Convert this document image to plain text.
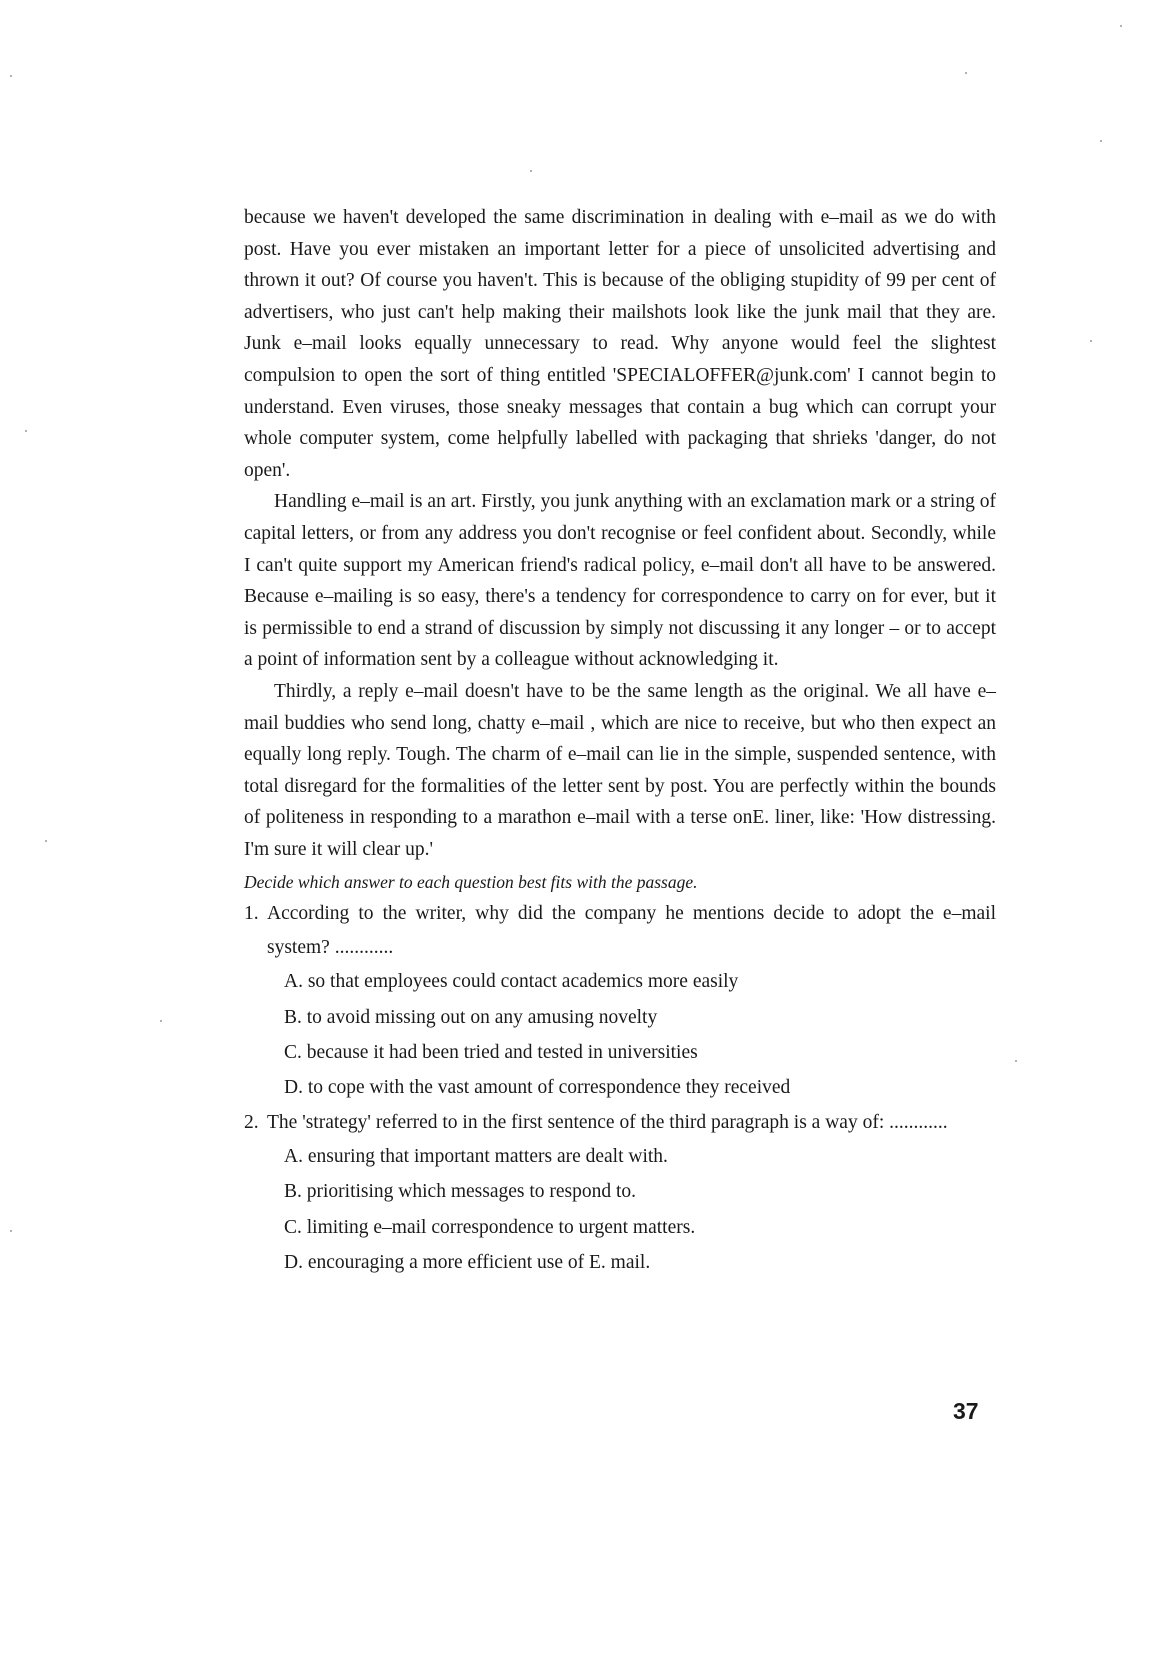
because we haven't developed the same discrimination in dealing with e–mail as we do with post. Have you ever mistaken an important letter for a piece of unsolicited advertising and thrown it out? Of course you haven't. This is because of the obliging stupidity of 99 per cent of advertisers, who just can't help making their mailshots look like the junk mail that they are. Junk e–mail looks equally unnecessary to read. Why anyone would feel the slightest compulsion to open the sort of thing entitled 'SPECIALOFFER@junk.com' I cannot begin to understand. Even viruses, those sneaky messages that contain a bug which can corrupt your whole computer system, come helpfully labelled with packaging that shrieks 'danger, do not open'.

Handling e–mail is an art. Firstly, you junk anything with an exclamation mark or a string of capital letters, or from any address you don't recognise or feel confident about. Secondly, while I can't quite support my American friend's radical policy, e–mail don't all have to be answered. Because e–mailing is so easy, there's a tendency for correspondence to carry on for ever, but it is permissible to end a strand of discussion by simply not discussing it any longer – or to accept a point of information sent by a colleague without acknowledging it.

Thirdly, a reply e–mail doesn't have to be the same length as the original. We all have e–mail buddies who send long, chatty e–mail , which are nice to receive, but who then expect an equally long reply. Tough. The charm of e–mail can lie in the simple, suspended sentence, with total disregard for the formalities of the letter sent by post. You are perfectly within the bounds of politeness in responding to a marathon e–mail with a terse onE. liner, like: 'How distressing. I'm sure it will clear up.'

Decide which answer to each question best fits with the passage.

1. According to the writer, why did the company he mentions decide to adopt the e–mail system? ............
A. so that employees could contact academics more easily
B. to avoid missing out on any amusing novelty
C. because it had been tried and tested in universities
D. to cope with the vast amount of correspondence they received
2. The 'strategy' referred to in the first sentence of the third paragraph is a way of: ............
A. ensuring that important matters are dealt with.
B. prioritising which messages to respond to.
C. limiting e–mail correspondence to urgent matters.
D. encouraging a more efficient use of E. mail.
37
